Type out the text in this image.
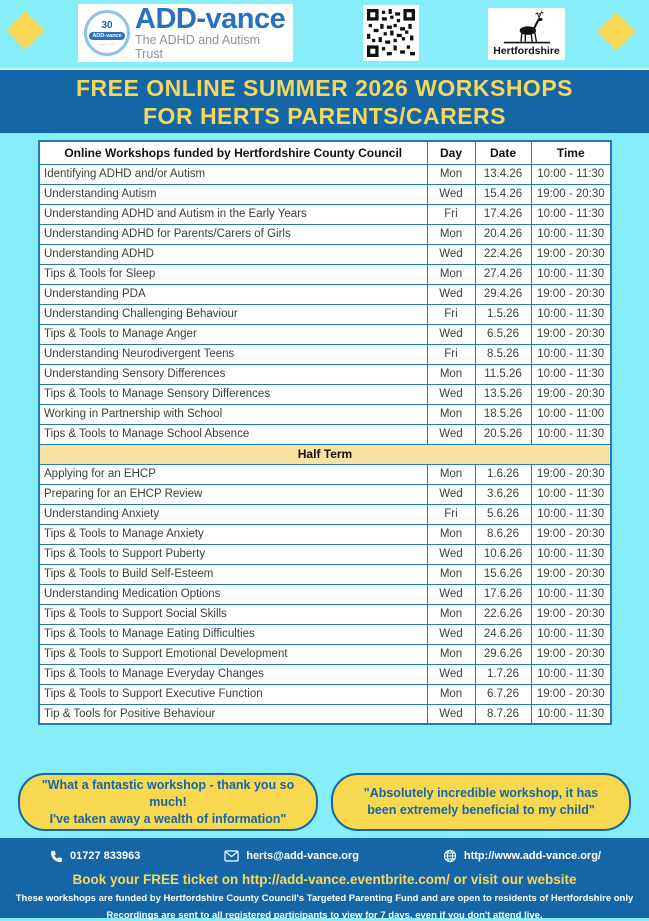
30
ADD-vance
— · —
ADD-vance
The ADHD and Autism Trust	Hertfordshire
FREE ONLINE SUMMER 2026 WORKSHOPS
FOR HERTS PARENTS/CARERS
Online Workshops funded by Hertfordshire County Council	Day	Date	Time
Identifying ADHD and/or Autism	Mon	13.4.26	10:00 - 11:30
Understanding Autism	Wed	15.4.26	19:00 - 20:30
Understanding ADHD and Autism in the Early Years	Fri	17.4.26	10:00 - 11:30
Understanding ADHD for Parents/Carers of Girls	Mon	20.4.26	10:00 - 11:30
Understanding ADHD	Wed	22.4.26	19:00 - 20:30
Tips & Tools for Sleep	Mon	27.4.26	10:00 - 11:30
Understanding PDA	Wed	29.4.26	19:00 - 20:30
Understanding Challenging Behaviour	Fri	1.5.26	10:00 - 11:30
Tips & Tools to Manage Anger	Wed	6.5.26	19:00 - 20:30
Understanding Neurodivergent Teens	Fri	8.5.26	10:00 - 11:30
Understanding Sensory Differences	Mon	11.5.26	10:00 - 11:30
Tips & Tools to Manage Sensory Differences	Wed	13.5.26	19:00 - 20:30
Working in Partnership with School	Mon	18.5.26	10:00 - 11:00
Tips & Tools to Manage School Absence	Wed	20.5.26	10:00 - 11:30
Half Term			
Applying for an EHCP	Mon	1.6.26	19:00 - 20:30
Preparing for an EHCP Review	Wed	3.6.26	10:00 - 11:30
Understanding Anxiety	Fri	5.6.26	10:00 - 11:30
Tips & Tools to Manage Anxiety	Mon	8.6.26	19:00 - 20:30
Tips & Tools to Support Puberty	Wed	10.6.26	10:00 - 11:30
Tips & Tools to Build Self-Esteem	Mon	15.6.26	19:00 - 20:30
Understanding Medication Options	Wed	17.6.26	10:00 - 11:30
Tips & Tools to Support Social Skills	Mon	22.6.26	19:00 - 20:30
Tips & Tools to Manage Eating Difficulties	Wed	24.6.26	10:00 - 11:30
Tips & Tools to Support Emotional Development	Mon	29.6.26	19:00 - 20:30
Tips & Tools to Manage Everyday Changes	Wed	1.7.26	10:00 - 11:30
Tips & Tools to Support Executive Function	Mon	6.7.26	19:00 - 20:30
Tip & Tools for Positive Behaviour	Wed	8.7.26	10:00 - 11:30
"What a fantastic workshop - thank you so much!
I've taken away a wealth of information"
"Absolutely incredible workshop, it has
been extremely beneficial to my child"
01727 833963	herts@add-vance.org	http://www.add-vance.org/
Book your FREE ticket on http://add-vance.eventbrite.com/ or visit our website
These workshops are funded by Hertfordshire County Council's Targeted Parenting Fund and are open to residents of Hertfordshire only
Recordings are sent to all registered participants to view for 7 days, even if you don't attend live.
